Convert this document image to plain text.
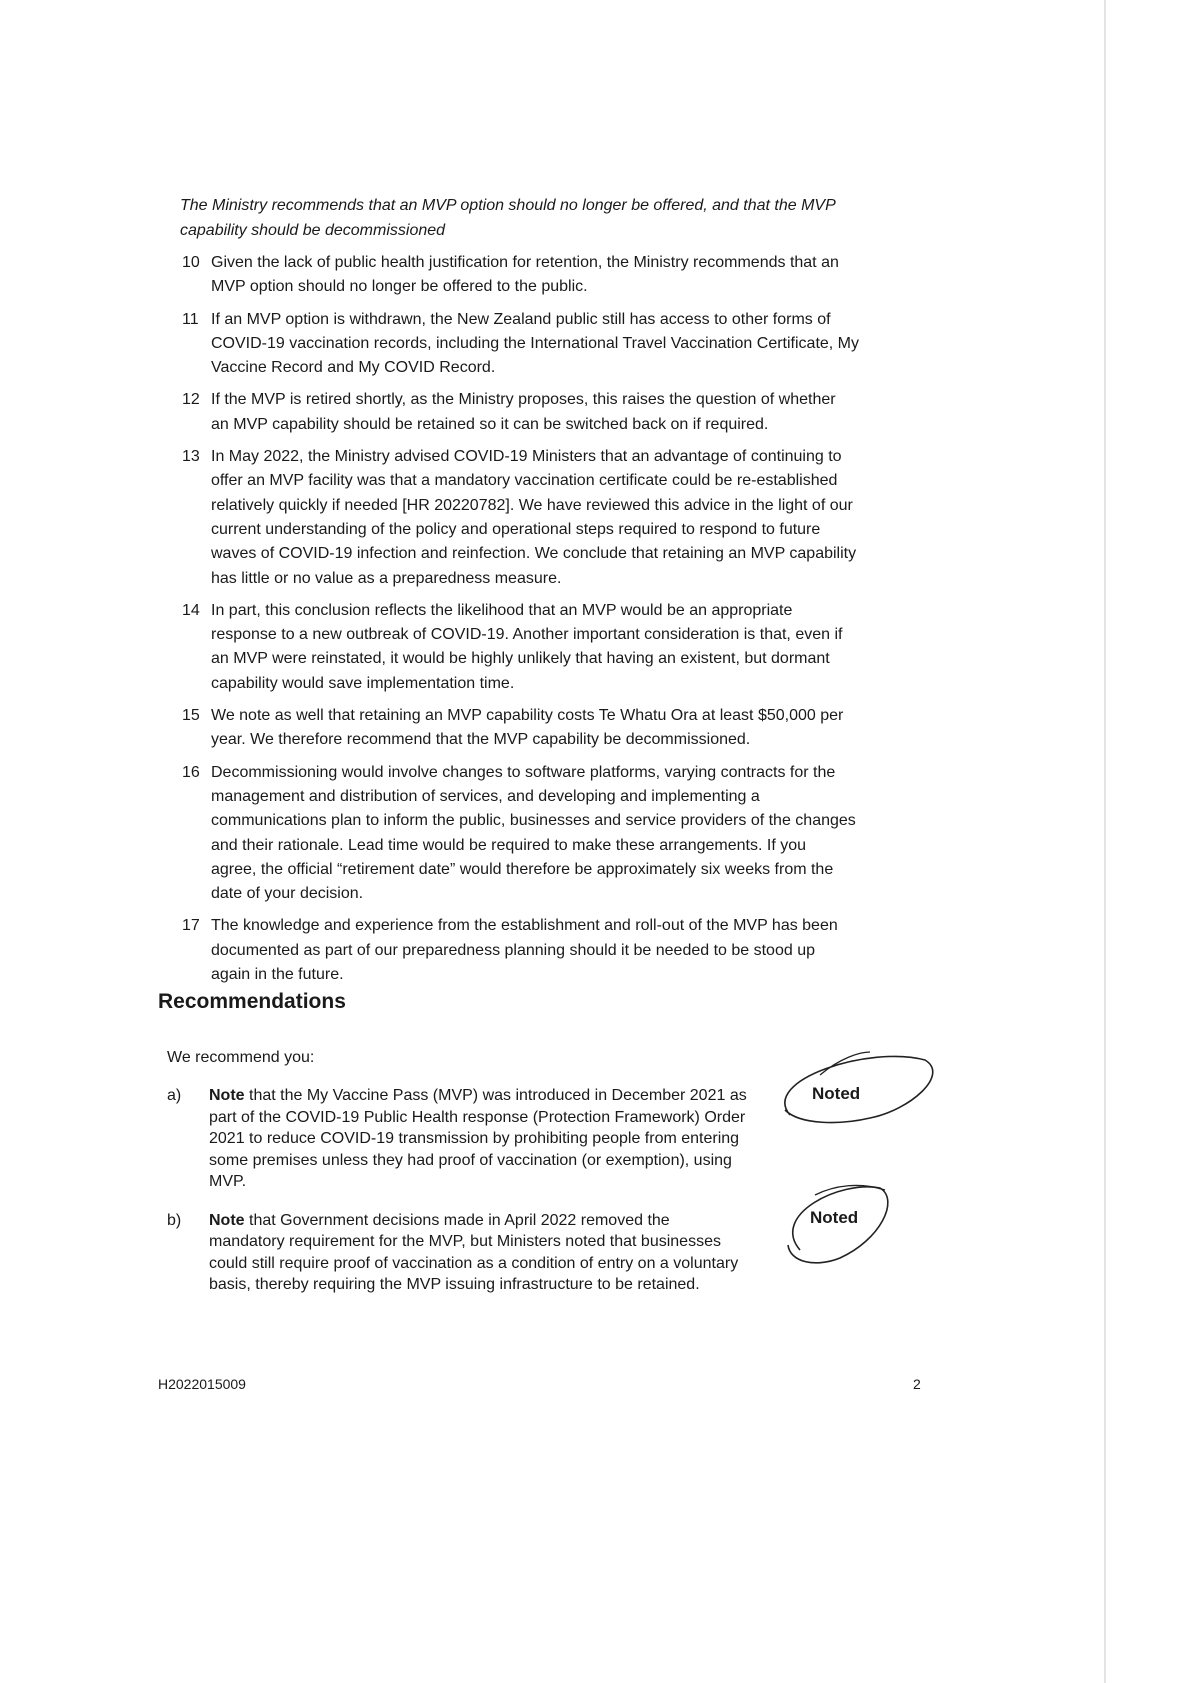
The Ministry recommends that an MVP option should no longer be offered, and that the MVP
capability should be decommissioned
10 Given the lack of public health justification for retention, the Ministry recommends that an
MVP option should no longer be offered to the public.
11 If an MVP option is withdrawn, the New Zealand public still has access to other forms of
COVID-19 vaccination records, including the International Travel Vaccination Certificate, My
Vaccine Record and My COVID Record.
12 If the MVP is retired shortly, as the Ministry proposes, this raises the question of whether
an MVP capability should be retained so it can be switched back on if required.
13 In May 2022, the Ministry advised COVID-19 Ministers that an advantage of continuing to
offer an MVP facility was that a mandatory vaccination certificate could be re-established
relatively quickly if needed [HR 20220782]. We have reviewed this advice in the light of our
current understanding of the policy and operational steps required to respond to future
waves of COVID-19 infection and reinfection. We conclude that retaining an MVP capability
has little or no value as a preparedness measure.
14 In part, this conclusion reflects the likelihood that an MVP would be an appropriate
response to a new outbreak of COVID-19. Another important consideration is that, even if
an MVP were reinstated, it would be highly unlikely that having an existent, but dormant
capability would save implementation time.
15 We note as well that retaining an MVP capability costs Te Whatu Ora at least $50,000 per
year. We therefore recommend that the MVP capability be decommissioned.
16 Decommissioning would involve changes to software platforms, varying contracts for the
management and distribution of services, and developing and implementing a
communications plan to inform the public, businesses and service providers of the changes
and their rationale. Lead time would be required to make these arrangements. If you
agree, the official “retirement date” would therefore be approximately six weeks from the
date of your decision.
17 The knowledge and experience from the establishment and roll-out of the MVP has been
documented as part of our preparedness planning should it be needed to be stood up
again in the future.
Recommendations
We recommend you:
a)	Note that the My Vaccine Pass (MVP) was introduced in December 2021 as
part of the COVID-19 Public Health response (Protection Framework) Order
2021 to reduce COVID-19 transmission by prohibiting people from entering
some premises unless they had proof of vaccination (or exemption), using
MVP.
b)	Note that Government decisions made in April 2022 removed the
mandatory requirement for the MVP, but Ministers noted that businesses
could still require proof of vaccination as a condition of entry on a voluntary
basis, thereby requiring the MVP issuing infrastructure to be retained.
Noted
Noted
H2022015009	2
